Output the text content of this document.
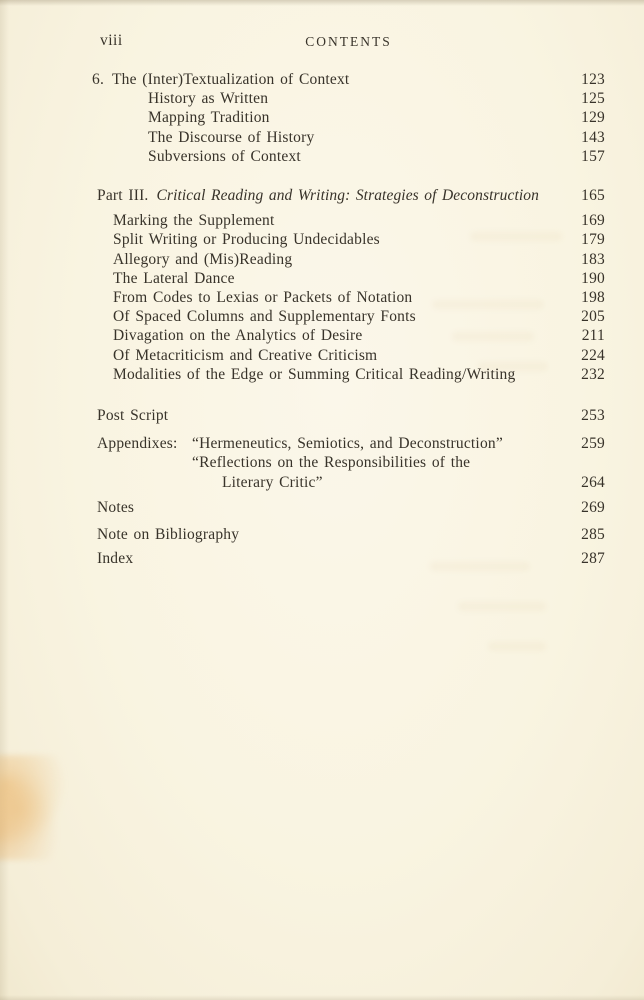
viii	CONTENTS
6. The (Inter)Textualization of Context	123
History as Written	125
Mapping Tradition	129
The Discourse of History	143
Subversions of Context	157
Part III. Critical Reading and Writing: Strategies of Deconstruction	165
Marking the Supplement	169
Split Writing or Producing Undecidables	179
Allegory and (Mis)Reading	183
The Lateral Dance	190
From Codes to Lexias or Packets of Notation	198
Of Spaced Columns and Supplementary Fonts	205
Divagation on the Analytics of Desire	211
Of Metacriticism and Creative Criticism	224
Modalities of the Edge or Summing Critical Reading/Writing	232
Post Script	253
Appendixes: “Hermeneutics, Semiotics, and Deconstruction”	259
“Reflections on the Responsibilities of the
Literary Critic”	264
Notes	269
Note on Bibliography	285
Index	287
